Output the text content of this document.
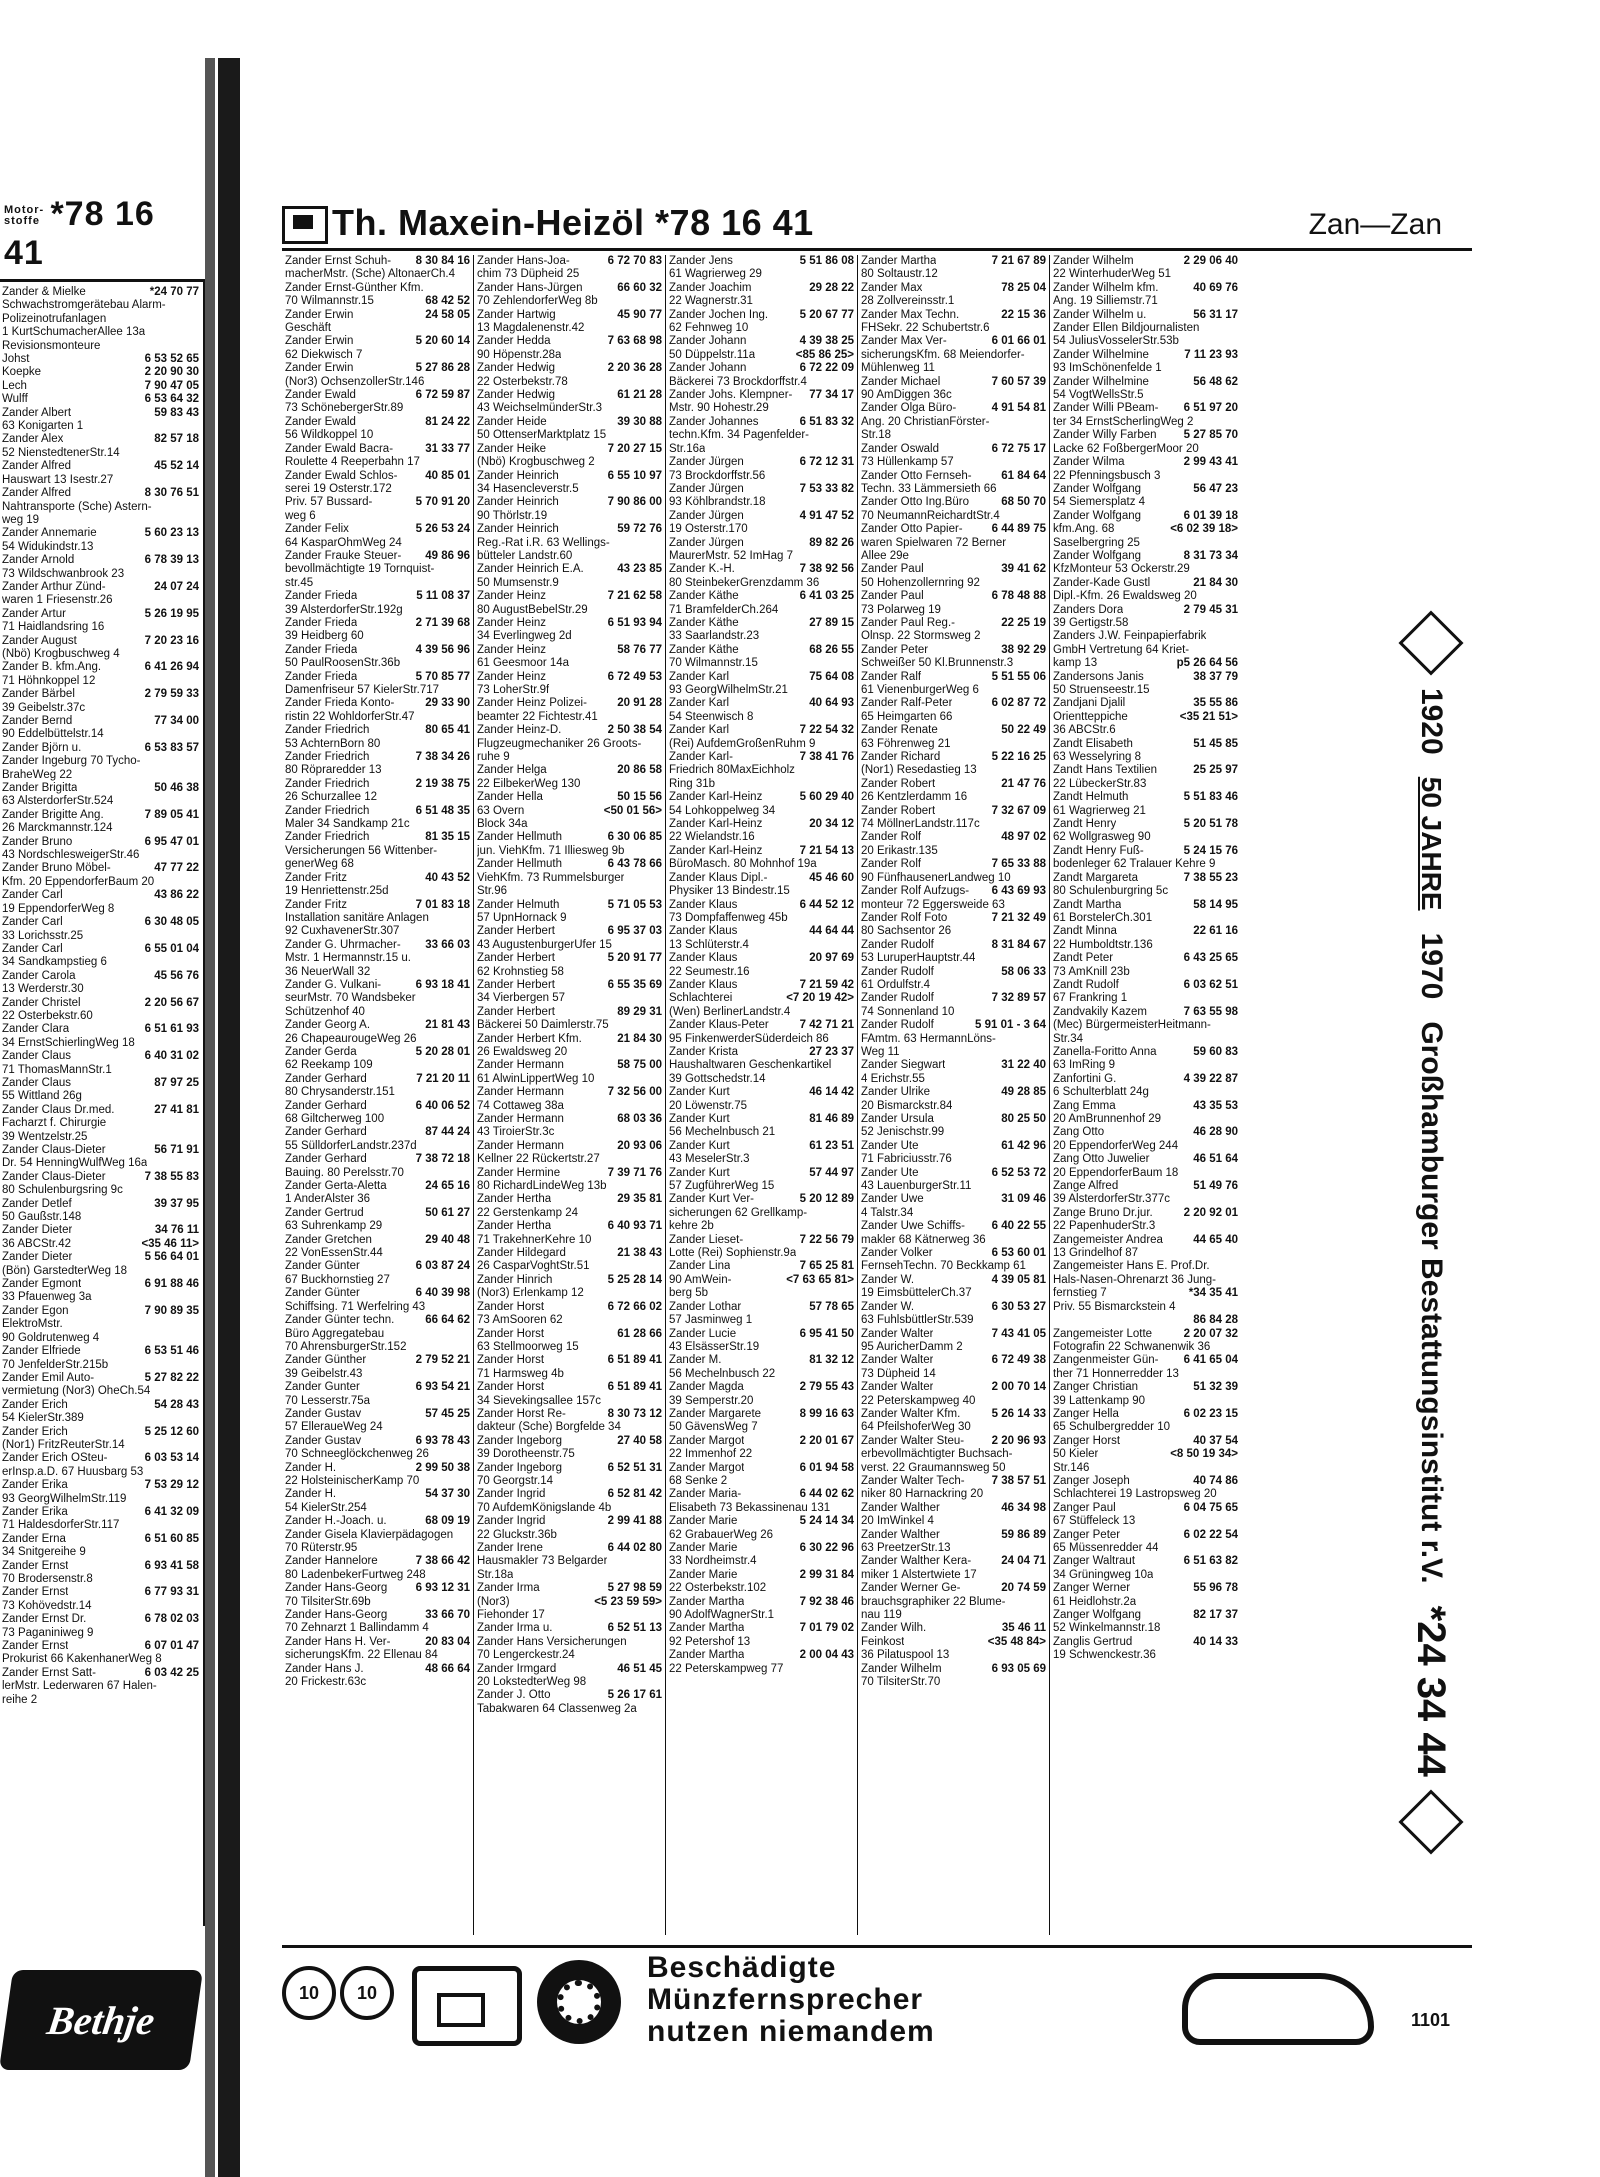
Motor-stoffe *78 16 41
Zander & Mielke	*24 70 77
Schwachstromgerätebau Alarm-
Polizeinotrufanlagen
1 KurtSchumacherAllee 13a
Revisionsmonteure
Johst	6 53 52 65
Koepke	2 20 90 30
Lech	7 90 47 05
Wulff	6 53 64 32
Zander Albert	59 83 43
63 Konigarten 1
Zander Alex	82 57 18
52 NienstedtenerStr.14
Zander Alfred	45 52 14
Hauswart 13 Isestr.27
Zander Alfred	8 30 76 51
Nahtransporte (Sche) Astern-
weg 19
Zander Annemarie	5 60 23 13
54 Widukindstr.13
Zander Arnold	6 78 39 13
73 Wildschwanbrook 23
Zander Arthur Zünd-	24 07 24
waren 1 Friesenstr.26
Zander Artur	5 26 19 95
71 Haidlandsring 16
Zander August	7 20 23 16
(Nbö) Krogbuschweg 4
Zander B. kfm.Ang.	6 41 26 94
71 Höhnkoppel 12
Zander Bärbel	2 79 59 33
39 Geibelstr.37c
Zander Bernd	77 34 00
90 Eddelbüttelstr.14
Zander Björn u.	6 53 83 57
Zander Ingeburg 70 Tycho-
BraheWeg 22
Zander Brigitta	50 46 38
63 AlsterdorferStr.524
Zander Brigitte Ang.	7 89 05 41
26 Marckmannstr.124
Zander Bruno	6 95 47 01
43 NordschlesweigerStr.46
Zander Bruno Möbel-	47 77 22
Kfm. 20 EppendorferBaum 20
Zander Carl	43 86 22
19 EppendorferWeg 8
Zander Carl	6 30 48 05
33 Lorichsstr.25
Zander Carl	6 55 01 04
34 Sandkampstieg 6
Zander Carola	45 56 76
13 Werderstr.30
Zander Christel	2 20 56 67
22 Osterbekstr.60
Zander Clara	6 51 61 93
34 ErnstSchierlingWeg 18
Zander Claus	6 40 31 02
71 ThomasMannStr.1
Zander Claus	87 97 25
55 Wittland 26g
Zander Claus Dr.med.	27 41 81
Facharzt f. Chirurgie
39 Wentzelstr.25
Zander Claus-Dieter	56 71 91
Dr. 54 HenningWulfWeg 16a
Zander Claus-Dieter	7 38 55 83
80 Schulenburgsring 9c
Zander Detlef	39 37 95
50 Gaußstr.148
Zander Dieter	34 76 11
36 ABCStr.42	<35 46 11>
Zander Dieter	5 56 64 01
(Bön) GarstedterWeg 18
Zander Egmont	6 91 88 46
33 Pfauenweg 3a
Zander Egon	7 90 89 35
ElektroMstr.
90 Goldrutenweg 4
Zander Elfriede	6 53 51 46
70 JenfelderStr.215b
Zander Emil Auto-	5 27 82 22
vermietung (Nor3) OheCh.54
Zander Erich	54 28 43
54 KielerStr.389
Zander Erich	5 25 12 60
(Nor1) FritzReuterStr.14
Zander Erich OSteu-	6 03 53 14
erInsp.a.D. 67 Huusbarg 53
Zander Erika	7 53 29 12
93 GeorgWilhelmStr.119
Zander Erika	6 41 32 09
71 HaldesdorferStr.117
Zander Erna	6 51 60 85
34 Snitgereihe 9
Zander Ernst	6 93 41 58
70 Brodersenstr.8
Zander Ernst	6 77 93 31
73 Kohövedstr.14
Zander Ernst Dr.	6 78 02 03
73 Paganiniweg 9
Zander Ernst	6 07 01 47
Prokurist 66 KakenhanerWeg 8
Zander Ernst Satt-	6 03 42 25
lerMstr. Lederwaren 67 Halen-
reihe 2
Bethje
Th. Maxein-Heizöl *78 16 41	Zan—Zan
Zander Ernst Schuh-	8 30 84 16
macherMstr. (Sche) AltonaerCh.4
Zander Ernst-Günther Kfm.
70 Wilmannstr.15	68 42 52
Zander Erwin	24 58 05
Geschäft
Zander Erwin	5 20 60 14
62 Diekwisch 7
Zander Erwin	5 27 86 28
(Nor3) OchsenzollerStr.146
Zander Ewald	6 72 59 87
73 SchönebergerStr.89
Zander Ewald	81 24 22
56 Wildkoppel 10
Zander Ewald Bacra-	31 33 77
Roulette 4 Reeperbahn 17
Zander Ewald Schlos-	40 85 01
serei 19 Osterstr.172
Priv. 57 Bussard-	5 70 91 20
weg 6
Zander Felix	5 26 53 24
64 KasparOhmWeg 24
Zander Frauke Steuer-	49 86 96
bevollmächtigte 19 Tornquist-
str.45
Zander Frieda	5 11 08 37
39 AlsterdorferStr.192g
Zander Frieda	2 71 39 68
39 Heidberg 60
Zander Frieda	4 39 56 96
50 PaulRoosenStr.36b
Zander Frieda	5 70 85 77
Damenfriseur 57 KielerStr.717
Zander Frieda Konto-	29 33 90
ristin 22 WohldorferStr.47
Zander Friedrich	80 65 41
53 AchternBorn 80
Zander Friedrich	7 38 34 26
80 Röpraredder 13
Zander Friedrich	2 19 38 75
26 Schurzallee 12
Zander Friedrich	6 51 48 35
Maler 34 Sandkamp 21c
Zander Friedrich	81 35 15
Versicherungen 56 Wittenber-
generWeg 68
Zander Fritz	40 43 52
19 Henriettenstr.25d
Zander Fritz	7 01 83 18
Installation sanitäre Anlagen
92 CuxhavenerStr.307
Zander G. Uhrmacher-	33 66 03
Mstr. 1 Hermannstr.15 u.
36 NeuerWall 32
Zander G. Vulkani-	6 93 18 41
seurMstr. 70 Wandsbeker
Schützenhof 40
Zander Georg A.	21 81 43
26 ChapeaurougeWeg 26
Zander Gerda	5 20 28 01
62 Reekamp 109
Zander Gerhard	7 21 20 11
80 Chrysanderstr.151
Zander Gerhard	6 40 06 52
68 Giltcherweg 100
Zander Gerhard	87 44 24
55 SülldorferLandstr.237d
Zander Gerhard	7 38 72 18
Bauing. 80 Perelsstr.70
Zander Gerta-Aletta	24 65 16
1 AnderAlster 36
Zander Gertrud	50 61 27
63 Suhrenkamp 29
Zander Gretchen	29 40 48
22 VonEssenStr.44
Zander Günter	6 03 87 24
67 Buckhornstieg 27
Zander Günter	6 40 39 98
Schiffsing. 71 Werfelring 43
Zander Günter techn.	66 64 62
Büro Aggregatebau
70 AhrensburgerStr.152
Zander Günther	2 79 52 21
39 Geibelstr.43
Zander Gunter	6 93 54 21
70 Lesserstr.75a
Zander Gustav	57 45 25
57 ElleraueWeg 24
Zander Gustav	6 93 78 43
70 Schneeglöckchenweg 26
Zander H.	2 99 50 38
22 HolsteinischerKamp 70
Zander H.	54 37 30
54 KielerStr.254
Zander H.-Joach. u.	68 09 19
Zander Gisela Klavierpädagogen
70 Rüterstr.95
Zander Hannelore	7 38 66 42
80 LadenbekerFurtweg 248
Zander Hans-Georg	6 93 12 31
70 TilsiterStr.69b
Zander Hans-Georg	33 66 70
70 Zehnarzt 1 Ballindamm 4
Zander Hans H. Ver-	20 83 04
sicherungsKfm. 22 Ellenau 84
Zander Hans J.	48 66 64
20 Frickestr.63c
Zander Hans-Joa-	6 72 70 83
chim 73 Düpheid 25
Zander Hans-Jürgen	66 60 32
70 ZehlendorferWeg 8b
Zander Hartwig	45 90 77
13 Magdalenenstr.42
Zander Hedda	7 63 68 98
90 Höpenstr.28a
Zander Hedwig	2 20 36 28
22 Osterbekstr.78
Zander Hedwig	61 21 28
43 WeichselmünderStr.3
Zander Heide	39 30 88
50 OttenserMarktplatz 15
Zander Heike	7 20 27 15
(Nbö) Krogbuschweg 2
Zander Heinrich	6 55 10 97
34 Hasencleverstr.5
Zander Heinrich	7 90 86 00
90 Thörlstr.19
Zander Heinrich	59 72 76
Reg.-Rat i.R. 63 Wellings-
bütteler Landstr.60
Zander Heinrich E.A.	43 23 85
50 Mumsenstr.9
Zander Heinz	7 21 62 58
80 AugustBebelStr.29
Zander Heinz	6 51 93 94
34 Everlingweg 2d
Zander Heinz	58 76 77
61 Geesmoor 14a
Zander Heinz	6 72 49 53
73 LoherStr.9f
Zander Heinz Polizei-	20 91 28
beamter 22 Fichtestr.41
Zander Heinz-D.	2 50 38 54
Flugzeugmechaniker 26 Groots-
ruhe 9
Zander Helga	20 86 58
22 EilbekerWeg 130
Zander Hella	50 15 56
63 Overn	<50 01 56>
Block 34a
Zander Hellmuth	6 30 06 85
jun. ViehKfm. 71 Illiesweg 9b
Zander Hellmuth	6 43 78 66
ViehKfm. 73 Rummelsburger
Str.96
Zander Helmuth	5 71 05 53
57 UpnHornack 9
Zander Herbert	6 95 37 03
43 AugustenburgerUfer 15
Zander Herbert	5 20 91 77
62 Krohnstieg 58
Zander Herbert	6 55 35 69
34 Vierbergen 57
Zander Herbert	89 29 31
Bäckerei 50 Daimlerstr.75
Zander Herbert Kfm.	21 84 30
26 Ewaldsweg 20
Zander Hermann	58 75 00
61 AlwinLippertWeg 10
Zander Hermann	7 32 56 00
74 Cottaweg 38a
Zander Hermann	68 03 36
43 TiroierStr.3c
Zander Hermann	20 93 06
Kellner 22 Rückertstr.27
Zander Hermine	7 39 71 76
80 RichardLindeWeg 13b
Zander Hertha	29 35 81
22 Gerstenkamp 24
Zander Hertha	6 40 93 71
71 TrakehnerKehre 10
Zander Hildegard	21 38 43
26 CasparVoghtStr.51
Zander Hinrich	5 25 28 14
(Nor3) Erlenkamp 12
Zander Horst	6 72 66 02
73 AmSooren 62
Zander Horst	61 28 66
63 Stellmoorweg 15
Zander Horst	6 51 89 41
71 Harmsweg 4b
Zander Horst	6 51 89 41
34 Sievekingsallee 157c
Zander Horst Re-	8 30 73 12
dakteur (Sche) Borgfelde 34
Zander Ingeborg	27 40 58
39 Dorotheenstr.75
Zander Ingeborg	6 52 51 31
70 Georgstr.14
Zander Ingrid	6 52 81 42
70 AufdemKönigslande 4b
Zander Ingrid	2 99 41 88
22 Gluckstr.36b
Zander Irene	6 44 02 80
Hausmakler 73 Belgarder
Str.18a
Zander Irma	5 27 98 59
(Nor3)	<5 23 59 59>
Fiehonder 17
Zander Irma u.	6 52 51 13
Zander Hans Versicherungen
70 Lengerckestr.24
Zander Irmgard	46 51 45
20 LokstedterWeg 98
Zander J. Otto	5 26 17 61
Tabakwaren 64 Classenweg 2a
Zander Jens	5 51 86 08
61 Wagrierweg 29
Zander Joachim	29 28 22
22 Wagnerstr.31
Zander Jochen Ing.	5 20 67 77
62 Fehnweg 10
Zander Johann	4 39 38 25
50 Düppelstr.11a	<85 86 25>
Zander Johann	6 72 22 09
Bäckerei 73 Brockdorffstr.4
Zander Johs. Klempner-	77 34 17
Mstr. 90 Hohestr.29
Zander Johannes	6 51 83 32
techn.Kfm. 34 Pagenfelder-
Str.16a
Zander Jürgen	6 72 12 31
73 Brockdorffstr.56
Zander Jürgen	7 53 33 82
93 Köhlbrandstr.18
Zander Jürgen	4 91 47 52
19 Osterstr.170
Zander Jürgen	89 82 26
MaurerMstr. 52 ImHag 7
Zander K.-H.	7 38 92 56
80 SteinbekerGrenzdamm 36
Zander Käthe	6 41 03 25
71 BramfelderCh.264
Zander Käthe	27 89 15
33 Saarlandstr.23
Zander Käthe	68 26 55
70 Wilmannstr.15
Zander Karl	75 64 08
93 GeorgWilhelmStr.21
Zander Karl	40 64 93
54 Steenwisch 8
Zander Karl	7 22 54 32
(Rei) AufdemGroßenRuhm 9
Zander Karl-	7 38 41 76
Friedrich 80MaxEichholz
Ring 31b
Zander Karl-Heinz	5 60 29 40
54 Lohkoppelweg 34
Zander Karl-Heinz	20 34 12
22 Wielandstr.16
Zander Karl-Heinz	7 21 54 13
BüroMasch. 80 Mohnhof 19a
Zander Klaus Dipl.-	45 46 60
Physiker 13 Bindestr.15
Zander Klaus	6 44 52 12
73 Dompfaffenweg 45b
Zander Klaus	44 64 44
13 Schlüterstr.4
Zander Klaus	20 97 69
22 Seumestr.16
Zander Klaus	7 21 59 42
Schlachterei	<7 20 19 42>
(Wen) BerlinerLandstr.4
Zander Klaus-Peter	7 42 71 21
95 FinkenwerderSüderdeich 86
Zander Krista	27 23 37
Haushaltwaren Geschenkartikel
39 Gottschedstr.14
Zander Kurt	46 14 42
20 Löwenstr.75
Zander Kurt	81 46 89
56 Mechelnbusch 21
Zander Kurt	61 23 51
43 MeselerStr.3
Zander Kurt	57 44 97
57 ZugführerWeg 15
Zander Kurt Ver-	5 20 12 89
sicherungen 62 Grellkamp-
kehre 2b
Zander Lieset-	7 22 56 79
Lotte (Rei) Sophienstr.9a
Zander Lina	7 65 25 81
90 AmWein-	<7 63 65 81>
berg 5b
Zander Lothar	57 78 65
57 Jasminweg 1
Zander Lucie	6 95 41 50
43 ElsässerStr.19
Zander M.	81 32 12
56 Mechelnbusch 22
Zander Magda	2 79 55 43
39 Semperstr.20
Zander Margarete	8 99 16 63
50 GävensWeg 7
Zander Margot	2 20 01 67
22 Immenhof 22
Zander Margot	6 01 94 58
68 Senke 2
Zander Maria-	6 44 02 62
Elisabeth 73 Bekassinenau 131
Zander Marie	5 24 14 34
62 GrabauerWeg 26
Zander Marie	6 30 22 96
33 Nordheimstr.4
Zander Marie	2 99 31 84
22 Osterbekstr.102
Zander Martha	7 92 38 46
90 AdolfWagnerStr.1
Zander Martha	7 01 79 02
92 Petershof 13
Zander Martha	2 00 04 43
22 Peterskampweg 77
Zander Martha	7 21 67 89
80 Soltaustr.12
Zander Max	78 25 04
28 Zollvereinsstr.1
Zander Max Techn.	22 15 36
FHSekr. 22 Schubertstr.6
Zander Max Ver-	6 01 66 01
sicherungsKfm. 68 Meiendorfer-
Mühlenweg 11
Zander Michael	7 60 57 39
90 AmDiggen 36c
Zander Olga Büro-	4 91 54 81
Ang. 20 ChristianFörster-
Str.18
Zander Oswald	6 72 75 17
73 Hüllenkamp 57
Zander Otto Fernseh-	61 84 64
Techn. 33 Lämmersieth 66
Zander Otto Ing.Büro	68 50 70
70 NeumannReichardtStr.4
Zander Otto Papier-	6 44 89 75
waren Spielwaren 72 Berner
Allee 29e
Zander Paul	39 41 62
50 Hohenzollernring 92
Zander Paul	6 78 48 88
73 Polarweg 19
Zander Paul Reg.-	22 25 19
Olnsp. 22 Stormsweg 2
Zander Peter	38 92 29
Schweißer 50 Kl.Brunnenstr.3
Zander Ralf	5 51 55 06
61 VienenburgerWeg 6
Zander Ralf-Peter	6 02 87 72
65 Heimgarten 66
Zander Renate	50 22 49
63 Föhrenweg 21
Zander Richard	5 22 16 25
(Nor1) Resedastieg 13
Zander Robert	21 47 76
26 Kentzlerdamm 16
Zander Robert	7 32 67 09
74 MöllnerLandstr.117c
Zander Rolf	48 97 02
20 Erikastr.135
Zander Rolf	7 65 33 88
90 FünfhausenerLandweg 10
Zander Rolf Aufzugs-	6 43 69 93
monteur 72 Eggersweide 63
Zander Rolf Foto	7 21 32 49
80 Sachsentor 26
Zander Rudolf	8 31 84 67
53 LuruperHauptstr.44
Zander Rudolf	58 06 33
61 Ordulfstr.4
Zander Rudolf	7 32 89 57
74 Sonnenland 10
Zander Rudolf	5 91 01 - 3 64
FAmtm. 63 HermannLöns-
Weg 11
Zander Siegwart	31 22 40
4 Erichstr.55
Zander Ulrike	49 28 85
20 Bismarckstr.84
Zander Ursula	80 25 50
52 Jenischstr.99
Zander Ute	61 42 96
71 Fabriciusstr.76
Zander Ute	6 52 53 72
43 LauenburgerStr.11
Zander Uwe	31 09 46
4 Talstr.34
Zander Uwe Schiffs-	6 40 22 55
makler 68 Kätnerweg 36
Zander Volker	6 53 60 01
FernsehTechn. 70 Beckkamp 61
Zander W.	4 39 05 81
19 EimsbüttelerCh.37
Zander W.	6 30 53 27
63 FuhlsbüttlerStr.539
Zander Walter	7 43 41 05
95 AuricherDamm 2
Zander Walter	6 72 49 38
73 Düpheid 14
Zander Walter	2 00 70 14
22 Peterskampweg 40
Zander Walter Kfm.	5 26 14 33
64 PfeilshoferWeg 30
Zander Walter Steu-	2 20 96 93
erbevollmächtigter Buchsach-
verst. 22 Graumannsweg 50
Zander Walter Tech-	7 38 57 51
niker 80 Harnackring 20
Zander Walther	46 34 98
20 ImWinkel 4
Zander Walther	59 86 89
63 PreetzerStr.13
Zander Walther Kera-	24 04 71
miker 1 Alstertwiete 17
Zander Werner Ge-	20 74 59
brauchsgraphiker 22 Blume-
nau 119
Zander Wilh.	35 46 11
Feinkost	<35 48 84>
36 Pilatuspool 13
Zander Wilhelm	6 93 05 69
70 TilsiterStr.70
Zander Wilhelm	2 29 06 40
22 WinterhuderWeg 51
Zander Wilhelm kfm.	40 69 76
Ang. 19 Silliemstr.71
Zander Wilhelm u.	56 31 17
Zander Ellen Bildjournalisten
54 JuliusVosselerStr.53b
Zander Wilhelmine	7 11 23 93
93 ImSchönenfelde 1
Zander Wilhelmine	56 48 62
54 VogtWellsStr.5
Zander Willi PBeam-	6 51 97 20
ter 34 ErnstScherlingWeg 2
Zander Willy Farben	5 27 85 70
Lacke 62 FoßbergerMoor 20
Zander Wilma	2 99 43 41
22 Pfenningsbusch 3
Zander Wolfgang	56 47 23
54 Siemersplatz 4
Zander Wolfgang	6 01 39 18
kfm.Ang. 68	<6 02 39 18>
Saselbergring 25
Zander Wolfgang	8 31 73 34
KfzMonteur 53 Ockerstr.29
Zander-Kade Gustl	21 84 30
Dipl.-Kfm. 26 Ewaldsweg 20
Zanders Dora	2 79 45 31
39 Gertigstr.58
Zanders J.W. Feinpapierfabrik
GmbH Vertretung 64 Kriet-
kamp 13	p5 26 64 56
Zandersons Janis	38 37 79
50 Struenseestr.15
Zandjani Djalil	35 55 86
Orientteppiche	<35 21 51>
36 ABCStr.6
Zandt Elisabeth	51 45 85
63 Wesselyring 8
Zandt Hans Textilien	25 25 97
22 LübeckerStr.83
Zandt Helmuth	5 51 83 46
61 Wagrierweg 21
Zandt Henry	5 20 51 78
62 Wollgrasweg 90
Zandt Henry Fuß-	5 24 15 76
bodenleger 62 Tralauer Kehre 9
Zandt Margareta	7 38 55 23
80 Schulenburgring 5c
Zandt Martha	58 14 95
61 BorstelerCh.301
Zandt Minna	22 61 16
22 Humboldtstr.136
Zandt Peter	6 43 25 65
73 AmKnill 23b
Zandt Rudolf	6 03 62 51
67 Frankring 1
Zandvakily Kazem	7 63 55 98
(Mec) BürgermeisterHeitmann-
Str.34
Zanella-Foritto Anna	59 60 83
63 ImRing 9
Zanfortini G.	4 39 22 87
6 Schulterblatt 24g
Zang Emma	43 35 53
20 AmBrunnenhof 29
Zang Otto	46 28 90
20 EppendorferWeg 244
Zang Otto Juwelier	46 51 64
20 EppendorferBaum 18
Zange Alfred	51 49 76
39 AlsterdorferStr.377c
Zange Bruno Dr.jur.	2 20 92 01
22 PapenhuderStr.3
Zangemeister Andrea	44 65 40
13 Grindelhof 87
Zangemeister Hans E. Prof.Dr.
Hals-Nasen-Ohrenarzt 36 Jung-
fernstieg 7	*34 35 41
Priv. 55 Bismarckstein 4
86 84 28
Zangemeister Lotte	2 20 07 32
Fotografin 22 Schwanenwik 36
Zangenmeister Gün-	6 41 65 04
ther 71 Honnerredder 13
Zanger Christian	51 32 39
39 Lattenkamp 90
Zanger Hella	6 02 23 15
65 Schulbergredder 10
Zanger Horst	40 37 54
50 Kieler	<8 50 19 34>
Str.146
Zanger Joseph	40 74 86
Schlachterei 19 Lastropsweg 20
Zanger Paul	6 04 75 65
67 Stüffeleck 13
Zanger Peter	6 02 22 54
65 Müssenredder 44
Zanger Waltraut	6 51 63 82
34 Grüningweg 10a
Zanger Werner	55 96 78
61 Heidlohstr.2a
Zanger Wolfgang	82 17 37
52 Winkelmannstr.18
Zanglis Gertrud	40 14 33
19 Schwenckestr.36
1920
50 JAHRE
1970
Großhamburger Bestattungsinstitut r.V.
*24 34 44
10	10
Beschädigte
Münzfernsprecher
nutzen niemandem	1101
